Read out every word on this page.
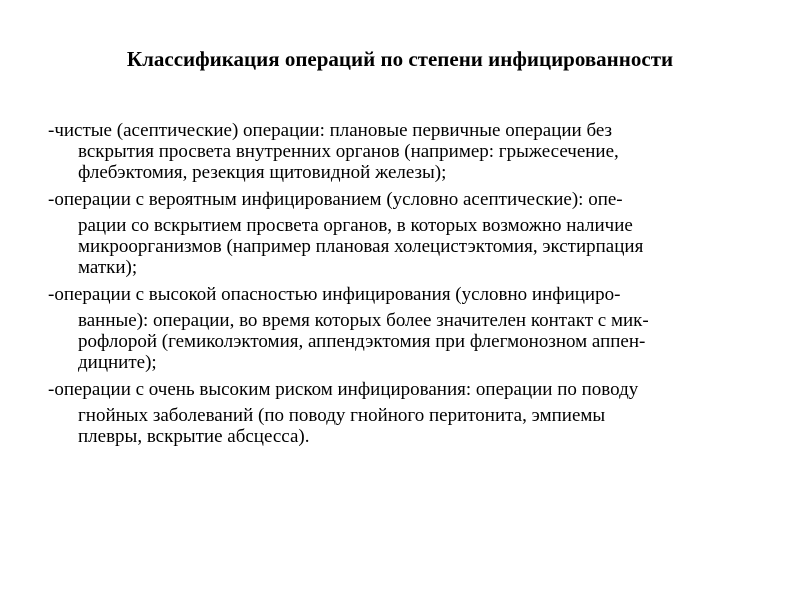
Классификация операций по степени инфицированности
-чистые (асептические) операции: плановые первичные операции без
вскрытия просвета внутренних органов (например: грыжесечение,
флебэктомия, резекция щитовидной железы);
-операции с вероятным инфицированием (условно асептические): опе-
рации со вскрытием просвета органов, в которых возможно наличие
микроорганизмов (например плановая холецистэктомия, экстирпация
матки);
-операции с высокой опасностью инфицирования (условно инфициро-
ванные): операции, во время которых более значителен контакт с мик-
рофлорой (гемиколэктомия, аппендэктомия при флегмонозном аппен-
дицните);
-операции с очень высоким риском инфицирования: операции по поводу
гнойных заболеваний (по поводу гнойного перитонита, эмпиемы
плевры, вскрытие абсцесса).
